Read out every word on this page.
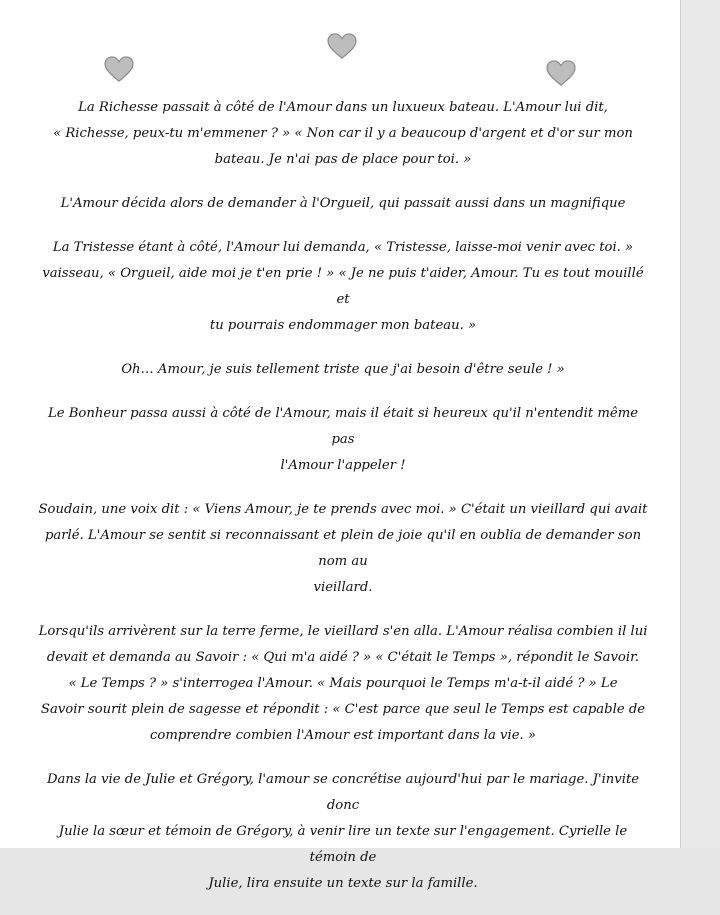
La Richesse passait à côté de l'Amour dans un luxueux bateau. L'Amour lui dit,
« Richesse, peux-tu m'emmener ? » « Non car il y a beaucoup d'argent et d'or sur mon
bateau. Je n'ai pas de place pour toi. »

L'Amour décida alors de demander à l'Orgueil, qui passait aussi dans un magnifique

La Tristesse étant à côté, l'Amour lui demanda, « Tristesse, laisse-moi venir avec toi. »
vaisseau, « Orgueil, aide moi je t'en prie ! » « Je ne puis t'aider, Amour. Tu es tout mouillé et
tu pourrais endommager mon bateau. »

Oh… Amour, je suis tellement triste que j'ai besoin d'être seule ! »

Le Bonheur passa aussi à côté de l'Amour, mais il était si heureux qu'il n'entendit même pas
l'Amour l'appeler !

Soudain, une voix dit : « Viens Amour, je te prends avec moi. » C'était un vieillard qui avait
parlé. L'Amour se sentit si reconnaissant et plein de joie qu'il en oublia de demander son nom au
vieillard.

Lorsqu'ils arrivèrent sur la terre ferme, le vieillard s'en alla. L'Amour réalisa combien il lui
devait et demanda au Savoir : « Qui m'a aidé ? » « C'était le Temps », répondit le Savoir.
« Le Temps ? » s'interrogea l'Amour. « Mais pourquoi le Temps m'a-t-il aidé ? » Le
Savoir sourit plein de sagesse et répondit : « C'est parce que seul le Temps est capable de
comprendre combien l'Amour est important dans la vie. »

Dans la vie de Julie et Grégory, l'amour se concrétise aujourd'hui par le mariage. J'invite donc
Julie la sœur et témoin de Grégory, à venir lire un texte sur l'engagement. Cyrielle le témoin de
Julie, lira ensuite un texte sur la famille.
